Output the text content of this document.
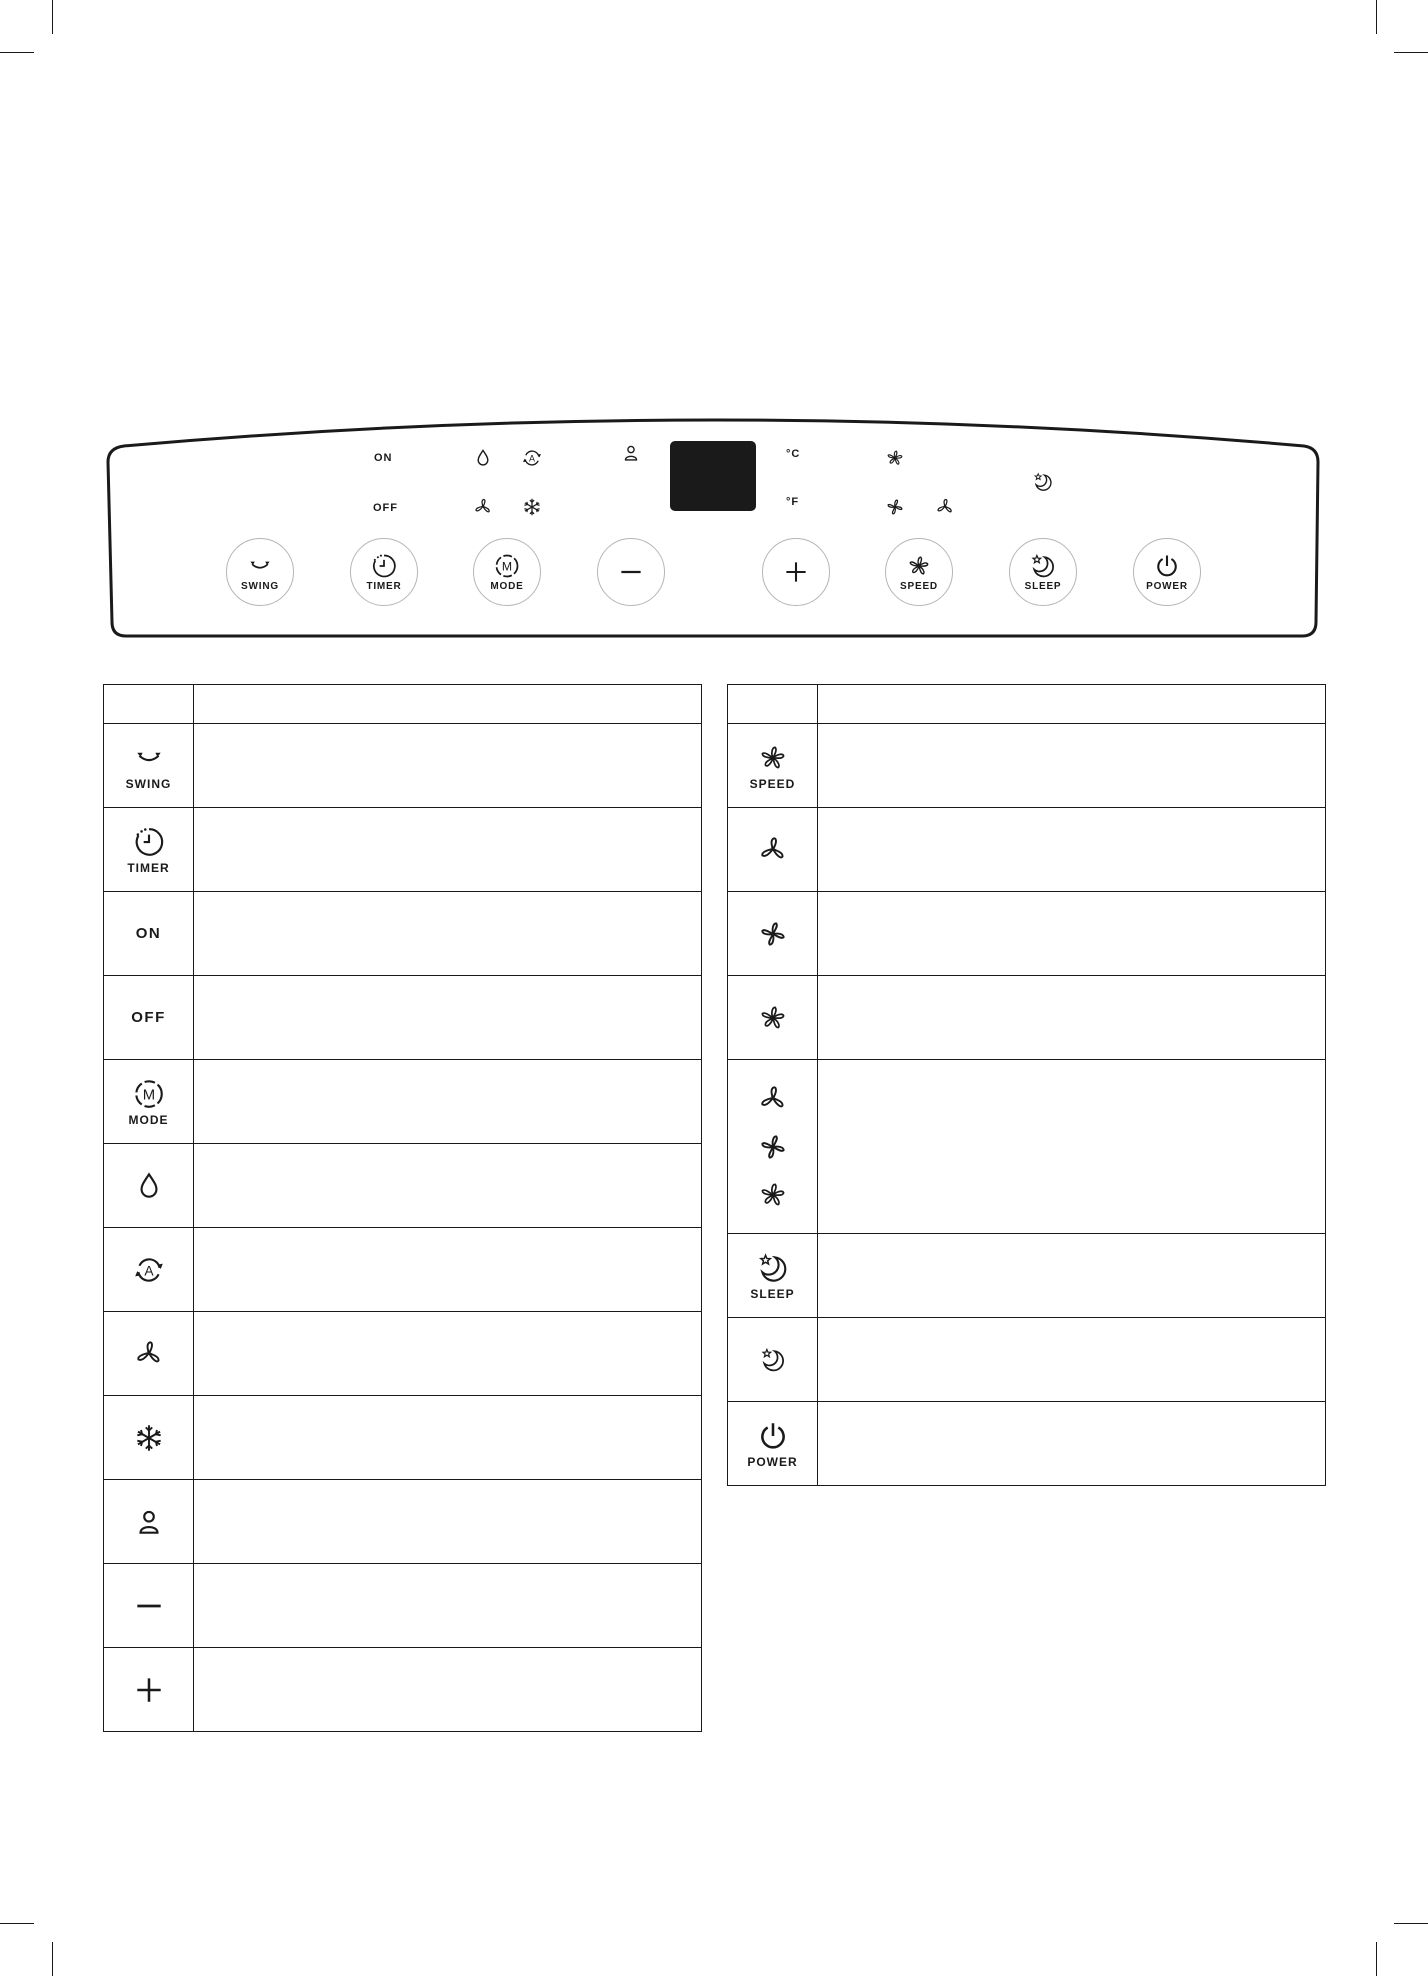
ON
OFF
°C
°F
SWING	TIMER	MODE	SPEED	SLEEP	POWER

SWING	

TIMER	

ON	

OFF	

MODE	

SPEED	

SLEEP	

POWER	
